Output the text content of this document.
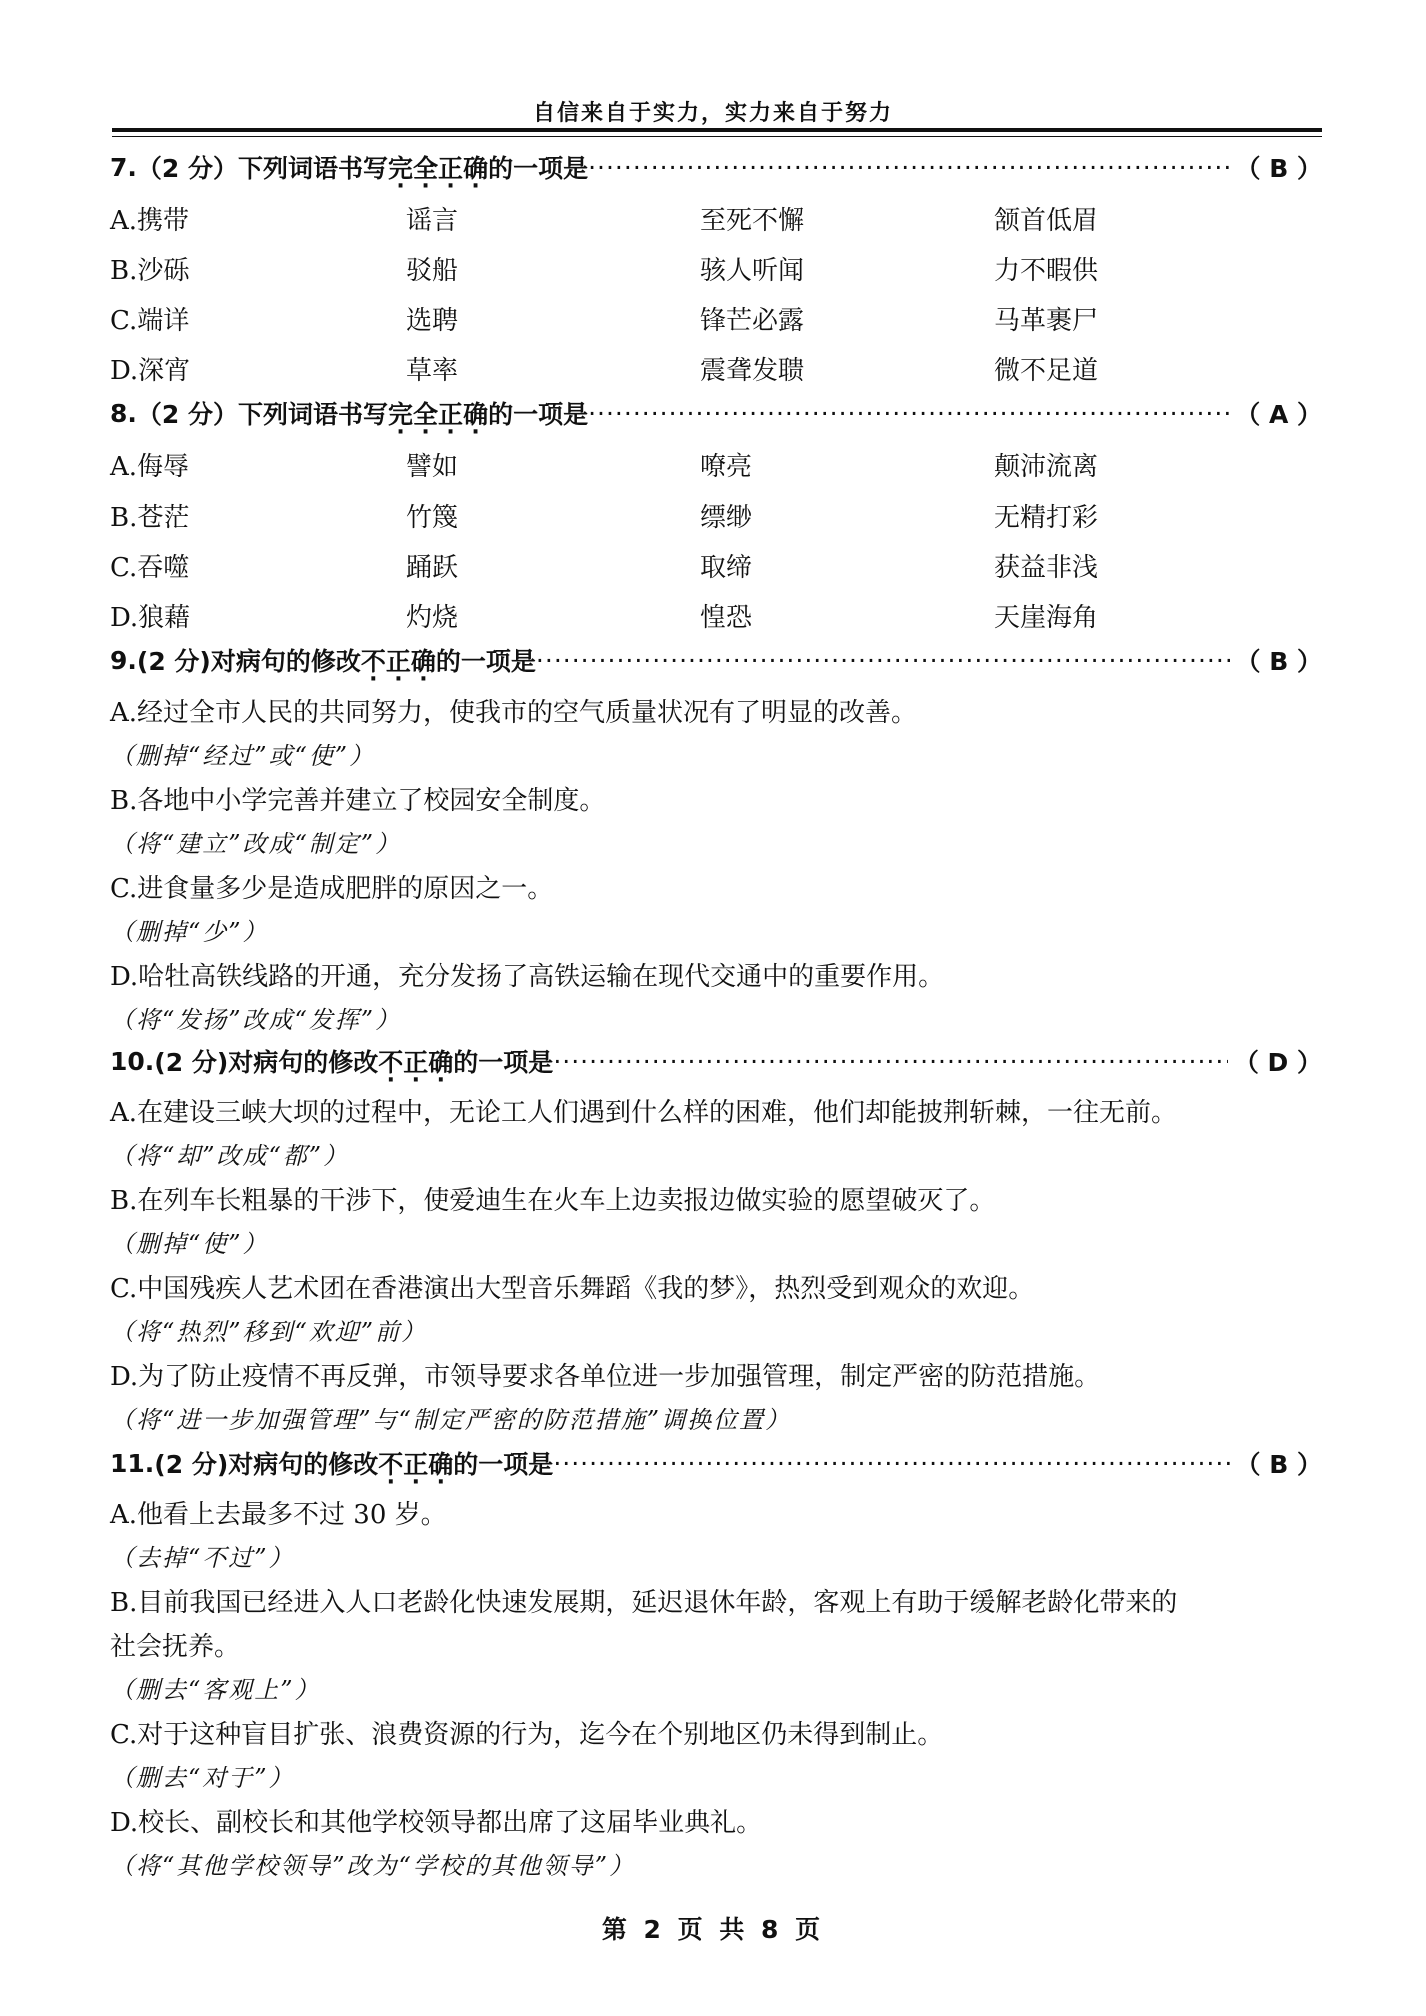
自信来自于实力，实力来自于努力
7. （2 分）下列词语书写 完全正确 的一项是 ·····	（ B ）
A.携带	谣言	至死不懈	颔首低眉
B.沙砾	驳船	骇人听闻	力不暇供
C.端详	选聘	锋芒必露	马革裹尸
D.深宵	草率	震聋发聩	微不足道
8. （2 分）下列词语书写 完全正确 的一项是 ·····	（ A ）
A.侮辱	譬如	嘹亮	颠沛流离
B.苍茫	竹篾	缥缈	无精打彩
C.吞噬	踊跃	取缔	获益非浅
D.狼藉	灼烧	惶恐	天崖海角
9. (2 分)对病句的修改 不正确 的一项是 ·····	（ B ）
A.经过全市人民的共同努力，使我市的空气质量状况有了明显的改善。
（删掉“经过”或“使”）
B.各地中小学完善并建立了校园安全制度。
（将“建立”改成“制定”）
C.进食量多少是造成肥胖的原因之一。
（删掉“少”）
D.哈牡高铁线路的开通，充分发扬了高铁运输在现代交通中的重要作用。
（将“发扬”改成“发挥”）
10. (2 分)对病句的修改 不正确 的一项是 ·····	（ D ）
A.在建设三峡大坝的过程中，无论工人们遇到什么样的困难，他们却能披荆斩棘，一往无前。
（将“却”改成“都”）
B.在列车长粗暴的干涉下，使爱迪生在火车上边卖报边做实验的愿望破灭了。
（删掉“使”）
C.中国残疾人艺术团在香港演出大型音乐舞蹈《我的梦》，热烈受到观众的欢迎。
（将“热烈”移到“欢迎”前）
D.为了防止疫情不再反弹，市领导要求各单位进一步加强管理，制定严密的防范措施。
（将“进一步加强管理”与“制定严密的防范措施”调换位置）
11. (2 分)对病句的修改 不正确 的一项是 ·····	（ B ）
A.他看上去最多不过 30 岁。
（去掉“不过”）
B.目前我国已经进入人口老龄化快速发展期，延迟退休年龄，客观上有助于缓解老龄化带来的
社会抚养。
（删去“客观上”）
C.对于这种盲目扩张、浪费资源的行为，迄今在个别地区仍未得到制止。
（删去“对于”）
D.校长、副校长和其他学校领导都出席了这届毕业典礼。
（将“其他学校领导”改为“学校的其他领导”）
第 2 页 共 8 页
